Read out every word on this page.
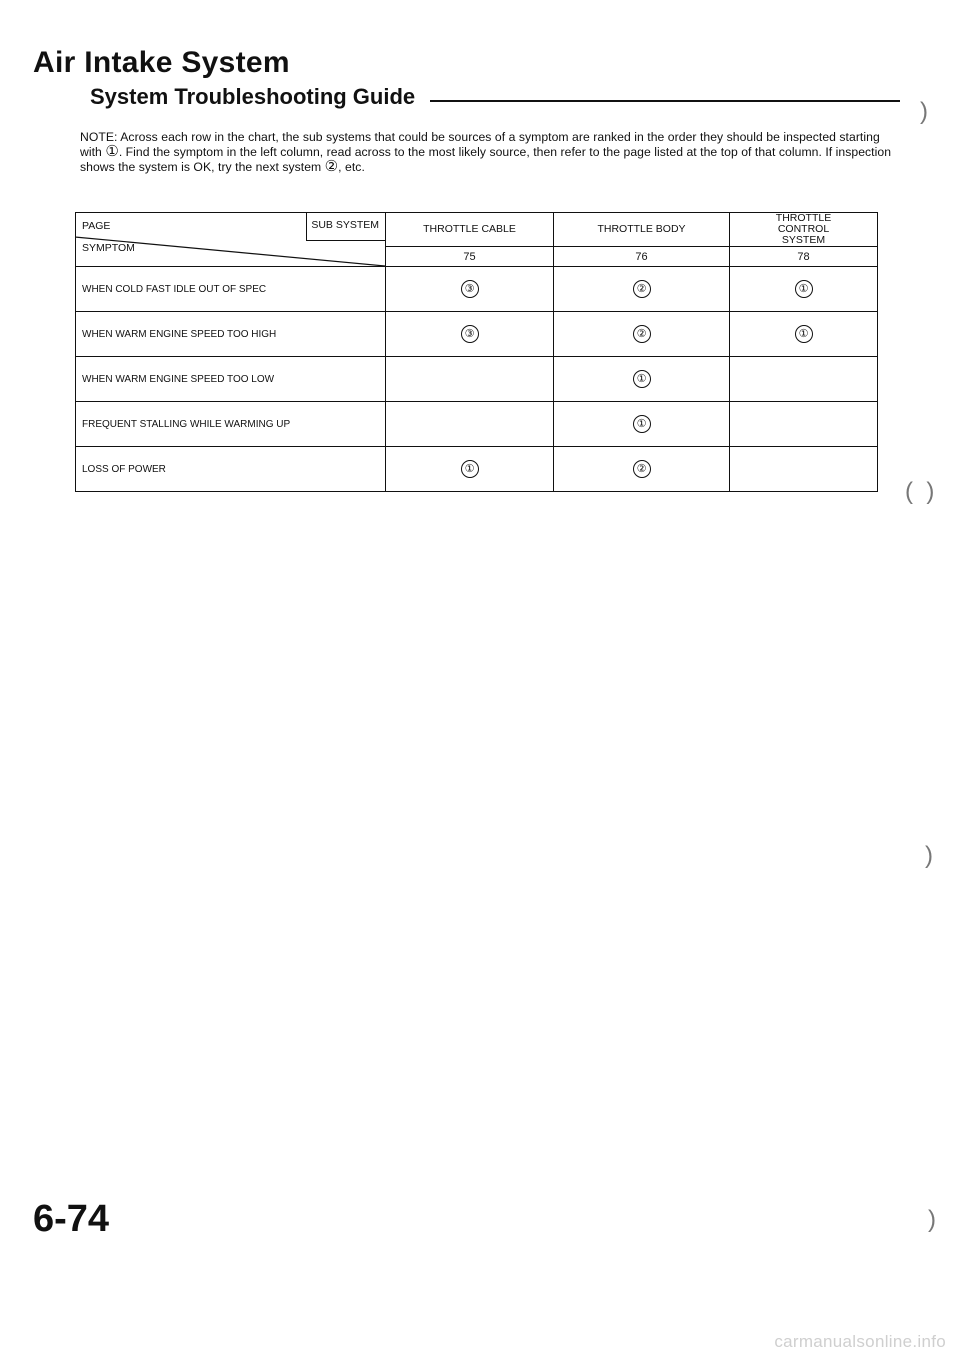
Air Intake System
System Troubleshooting Guide

NOTE: Across each row in the chart, the sub systems that could be sources of a symptom are ranked in the order they should be inspected starting with ①. Find the symptom in the left column, read across to the most likely source, then refer to the page listed at the top of that column. If inspection shows the system is OK, try the next system ②, etc.

PAGE SUB SYSTEM
SYMPTOM	THROTTLE CABLE	THROTTLE BODY	THROTTLE
CONTROL
SYSTEM
	75	76	78
WHEN COLD FAST IDLE OUT OF SPEC	③	②	①
WHEN WARM ENGINE SPEED TOO HIGH	③	②	①
WHEN WARM ENGINE SPEED TOO LOW		①	
FREQUENT STALLING WHILE WARMING UP		①	
LOSS OF POWER	①	②	
)
(  )
)
)

6-74

carmanualsonline.info
